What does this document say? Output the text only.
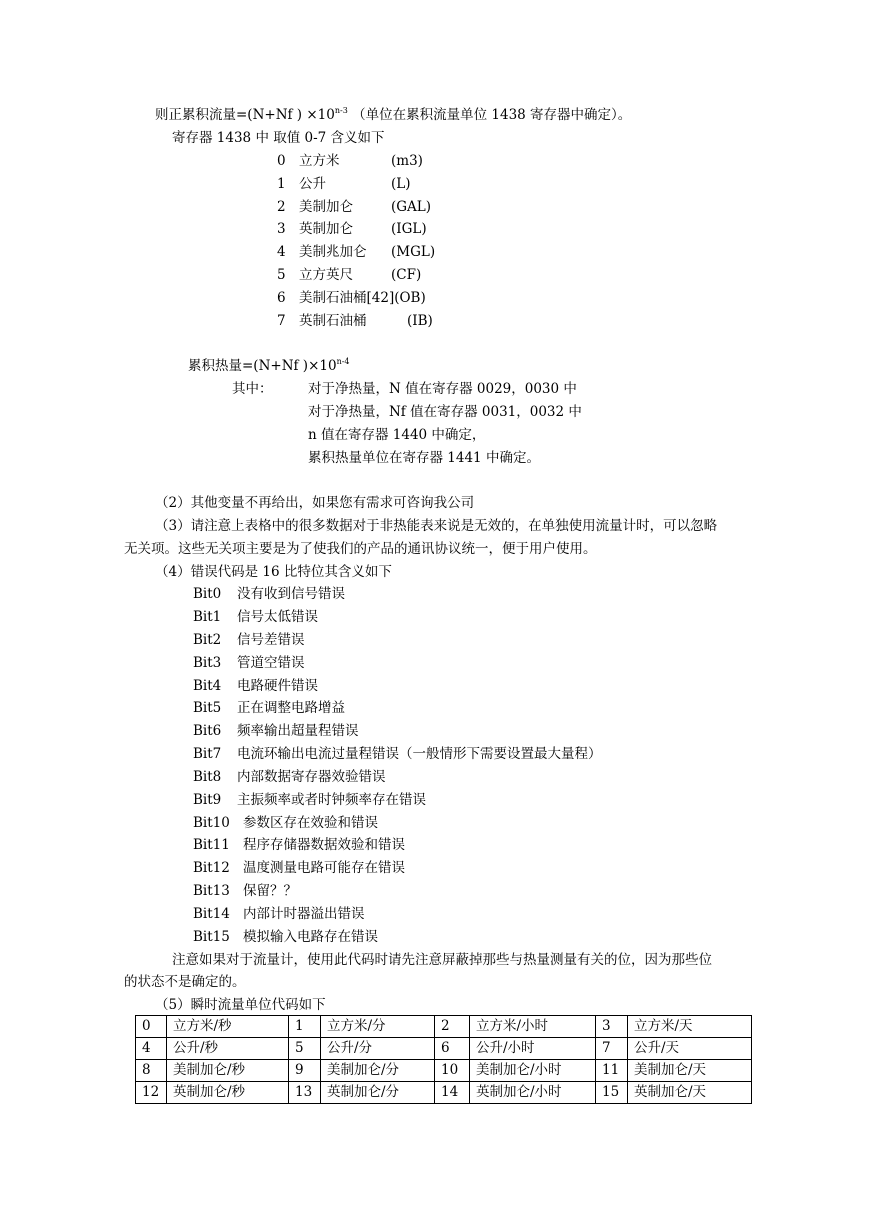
则正累积流量=(N+Nf ) $\times 10^{n-3}$ （单位在累积流量单位 1438 寄存器中确定）。
寄存器 1438 中 取值 0-7 含义如下
0 立方米	(m3)
1 公升	(L)
2 美制加仑	(GAL)
3 英制加仑	(IGL)
4 美制兆加仑 (MGL)
5 立方英尺	(CF)
6 美制石油桶[42](OB)
7 英制石油桶	(IB)
累积热量=(N+Nf )$\times 10^{n-4}$
其中：	对于净热量，N 值在寄存器 0029，0030 中
对于净热量，Nf 值在寄存器 0031，0032 中
n 值在寄存器 1440 中确定，
累积热量单位在寄存器 1441 中确定。
（2）其他变量不再给出，如果您有需求可咨询我公司
（3）请注意上表格中的很多数据对于非热能表来说是无效的，在单独使用流量计时，可以忽略
无关项。这些无关项主要是为了使我们的产品的通讯协议统一，便于用户使用。
（4）错误代码是 16 比特位其含义如下
Bit0 没有收到信号错误
Bit1 信号太低错误
Bit2 信号差错误
Bit3 管道空错误
Bit4 电路硬件错误
Bit5 正在调整电路增益
Bit6 频率输出超量程错误
Bit7 电流环输出电流过量程错误（一般情形下需要设置最大量程）
Bit8 内部数据寄存器效验错误
Bit9 主振频率或者时钟频率存在错误
Bit10 参数区存在效验和错误
Bit11 程序存储器数据效验和错误
Bit12 温度测量电路可能存在错误
Bit13 保留？？
Bit14 内部计时器溢出错误
Bit15 模拟输入电路存在错误
注意如果对于流量计，使用此代码时请先注意屏蔽掉那些与热量测量有关的位，因为那些位
的状态不是确定的。
（5）瞬时流量单位代码如下
0	立方米/秒	1	立方米/分	2	立方米/小时	3	立方米/天
4	公升/秒	5	公升/分	6	公升/小时	7	公升/天
8	美制加仑/秒	9	美制加仑/分	10	美制加仑/小时	11	美制加仑/天
12	英制加仑/秒	13	英制加仑/分	14	英制加仑/小时	15	英制加仑/天
